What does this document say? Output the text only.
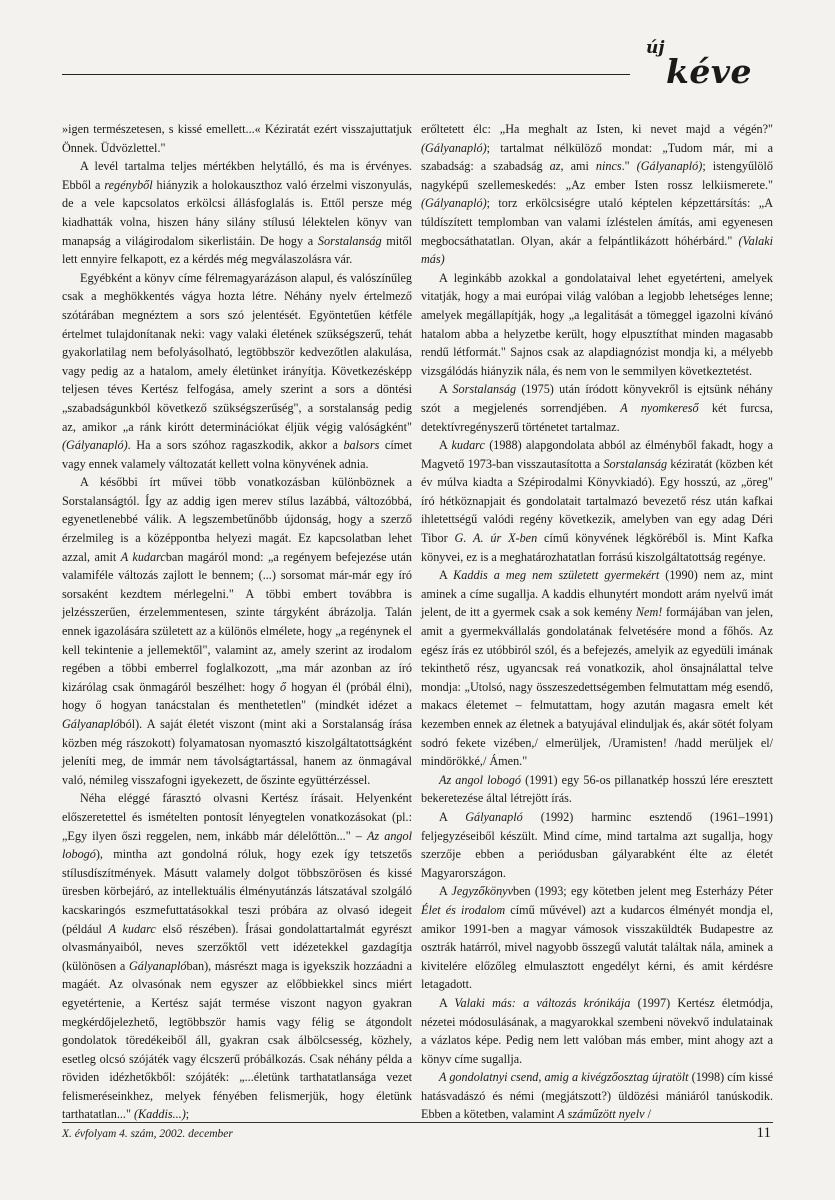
új
kéve

»igen természetesen, s kissé emellett...« Kéziratát ezért visszajuttatjuk Önnek. Üdvözlettel."

A levél tartalma teljes mértékben helytálló, és ma is érvényes. Ebből a regényből hiányzik a holokauszthoz való érzelmi viszonyulás, de a vele kapcsolatos erkölcsi állásfoglalás is. Ettől persze még kiadhatták volna, hiszen hány silány stílusú lélektelen könyv van manapság a világirodalom sikerlistáin. De hogy a Sorstalanság mitől lett ennyire felkapott, ez a kérdés még megválaszolásra vár.

Egyébként a könyv címe félremagyarázáson alapul, és valószínűleg csak a meghökkentés vágya hozta létre. Néhány nyelv értelmező szótárában megnéztem a sors szó jelentését. Egyöntetűen kétféle értelmet tulajdonítanak neki: vagy valaki életének szükségszerű, tehát gyakorlatilag nem befolyásolható, legtöbbször kedvezőtlen alakulása, vagy pedig az a hatalom, amely életünket irányítja. Következésképp teljesen téves Kertész felfogása, amely szerint a sors a döntési „szabadságunkból következő szükségszerűség", a sorstalanság pedig az, amikor „a ránk kirótt determinációkat éljük végig valóságként" (Gályanapló). Ha a sors szóhoz ragaszkodik, akkor a balsors címet vagy ennek valamely változatát kellett volna könyvének adnia.

A későbbi írt művei több vonatkozásban különböznek a Sorstalanságtól. Így az addig igen merev stílus lazábbá, változóbbá, egyenetlenebbé válik. A legszembetűnőbb újdonság, hogy a szerző érzelmileg is a középpontba helyezi magát. Ez kapcsolatban lehet azzal, amit A kudarcban magáról mond: „a regényem befejezése után valamiféle változás zajlott le bennem; (...) sorsomat már-már egy író sorsaként kezdtem mérlegelni." A többi embert továbbra is jelzésszerűen, érzelemmentesen, szinte tárgyként ábrázolja. Talán ennek igazolására született az a különös elmélete, hogy „a regénynek el kell tekintenie a jellemektől", valamint az, amely szerint az irodalom regében a többi emberrel foglalkozott, „ma már azonban az író kizárólag csak önmagáról beszélhet: hogy ő hogyan él (próbál élni), hogy ő hogyan tanácstalan és menthetetlen" (mindkét idézet a Gályanaplóból). A saját életét viszont (mint aki a Sorstalanság írása közben még rászokott) folyamatosan nyomasztó kiszolgáltatottságként jeleníti meg, de immár nem távolságtartással, hanem az önmagával való, némileg visszafogni igyekezett, de őszinte együttérzéssel.

Néha eléggé fárasztó olvasni Kertész írásait. Helyenként előszeretettel és ismételten pontosít lényegtelen vonatkozásokat (pl.: „Egy ilyen őszi reggelen, nem, inkább már délelőttön..." – Az angol lobogó), mintha azt gondolná róluk, hogy ezek így tetszetős stílusdíszítmények. Másutt valamely dolgot többszörösen és kissé üresben körbejáró, az intellektuális élményutánzás látszatával szolgáló kacskaringós eszmefuttatásokkal teszi próbára az olvasó idegeit (például A kudarc első részében). Írásai gondolattartalmát egyrészt olvasmányaiból, neves szerzőktől vett idézetekkel gazdagítja (különösen a Gályanaplóban), másrészt maga is igyekszik hozzáadni a magáét. Az olvasónak nem egyszer az előbbiekkel sincs miért egyetértenie, a Kertész saját termése viszont nagyon gyakran megkérdőjelezhető, legtöbbször hamis vagy félig se átgondolt gondolatok töredékeiből áll, gyakran csak álbölcsesség, közhely, esetleg olcsó szójáték vagy élcszerű próbálkozás. Csak néhány példa a röviden idézhetőkből: szójáték: „...életünk tarthatatlansága vezet felismeréseinkhez, melyek fényében felismerjük, hogy életünk tarthatatlan..." (Kaddis...);

erőltetett élc: „Ha meghalt az Isten, ki nevet majd a végén?" (Gályanapló); tartalmat nélkülöző mondat: „Tudom már, mi a szabadság: a szabadság az, ami nincs." (Gályanapló); istengyűlölő nagyképű szellemeskedés: „Az ember Isten rossz lelkiismerete." (Gályanapló); torz erkölcsiségre utaló képtelen képzettársítás: „A túldíszített templomban van valami ízléstelen ámítás, ami egyenesen megbocsáthatatlan. Olyan, akár a felpántlikázott hóhérbárd." (Valaki más)

A leginkább azokkal a gondolataival lehet egyetérteni, amelyek vitatják, hogy a mai európai világ valóban a legjobb lehetséges lenne; amelyek megállapítják, hogy „a legalitását a tömeggel igazolni kívánó hatalom abba a helyzetbe került, hogy elpusztíthat minden magasabb rendű létformát." Sajnos csak az alapdiagnózist mondja ki, a mélyebb vizsgálódás hiányzik nála, és nem von le semmilyen következtetést.

A Sorstalanság (1975) után íródott könyvekről is ejtsünk néhány szót a megjelenés sorrendjében. A nyomkereső két furcsa, detektívregényszerű történetet tartalmaz.

A kudarc (1988) alapgondolata abból az élményből fakadt, hogy a Magvető 1973-ban visszautasította a Sorstalanság kéziratát (közben két év múlva kiadta a Szépirodalmi Könyvkiadó). Egy hosszú, az „öreg" író hétköznapjait és gondolatait tartalmazó bevezető rész után kafkai ihletettségű valódi regény következik, amelyben van egy adag Déri Tibor G. A. úr X-ben című könyvének légköréből is. Mint Kafka könyvei, ez is a meghatározhatatlan forrású kiszolgáltatottság regénye.

A Kaddis a meg nem született gyermekért (1990) nem az, mint aminek a címe sugallja. A kaddis elhunytért mondott arám nyelvű imát jelent, de itt a gyermek csak a sok kemény Nem! formájában van jelen, amit a gyermekvállalás gondolatának felvetésére mond a főhős. Az egész írás ez utóbbiról szól, és a befejezés, amelyik az egyedüli imának tekinthető rész, ugyancsak reá vonatkozik, ahol önsajnálattal telve mondja: „Utolsó, nagy összeszedettségemben felmutattam még esendő, makacs életemet – felmutattam, hogy azután magasra emelt két kezemben ennek az életnek a batyujával elinduljak és, akár sötét folyam sodró fekete vizében,/ elmerüljek, /Uramisten! /hadd merüljek el/ mindörökké,/ Ámen."

Az angol lobogó (1991) egy 56-os pillanatkép hosszú lére eresztett bekeretezése által létrejött írás.

A Gályanapló (1992) harminc esztendő (1961–1991) feljegyzéseiből készült. Mind címe, mind tartalma azt sugallja, hogy szerzője ebben a periódusban gályarabként élte az életét Magyarországon.

A Jegyzőkönyvben (1993; egy kötetben jelent meg Esterházy Péter Élet és irodalom című művével) azt a kudarcos élményét mondja el, amikor 1991-ben a magyar vámosok visszaküldték Budapestre az osztrák határról, mivel nagyobb összegű valutát találtak nála, aminek a kivitelére előzőleg elmulasztott engedélyt kérni, és amit kérdésre letagadott.

A Valaki más: a változás krónikája (1997) Kertész életmódja, nézetei módosulásának, a magyarokkal szembeni növekvő indulatainak a vázlatos képe. Pedig nem lett valóban más ember, mint ahogy azt a könyv címe sugallja.

A gondolatnyi csend, amig a kivégzőosztag újratölt (1998) cím kissé hatásvadászó és némi (megjátszott?) üldözési mániáról tanúskodik. Ebben a kötetben, valamint A száműzött nyelv /

X. évfolyam 4. szám, 2002. december	11
